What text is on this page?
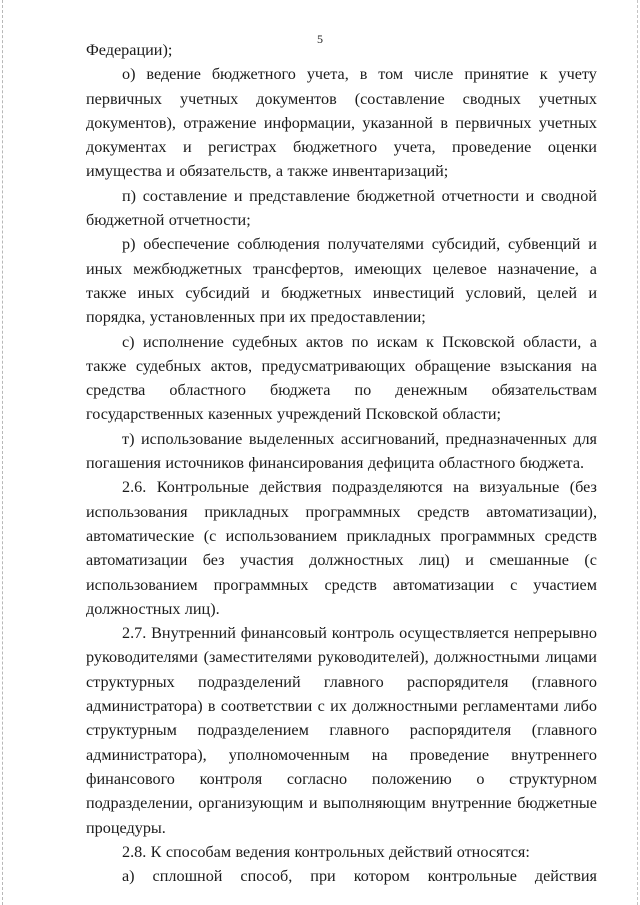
5
Федерации);
о) ведение бюджетного учета, в том числе принятие к учету
первичных учетных документов (составление сводных учетных
документов), отражение информации, указанной в первичных учетных
документах и регистрах бюджетного учета, проведение оценки
имущества и обязательств, а также инвентаризаций;
п) составление и представление бюджетной отчетности и сводной
бюджетной отчетности;
р) обеспечение соблюдения получателями субсидий, субвенций и
иных межбюджетных трансфертов, имеющих целевое назначение, а
также иных субсидий и бюджетных инвестиций условий, целей и
порядка, установленных при их предоставлении;
с) исполнение судебных актов по искам к Псковской области, а
также судебных актов, предусматривающих обращение взыскания на
средства областного бюджета по денежным обязательствам
государственных казенных учреждений Псковской области;
т) использование выделенных ассигнований, предназначенных для
погашения источников финансирования дефицита областного бюджета.
2.6. Контрольные действия подразделяются на визуальные (без
использования прикладных программных средств автоматизации),
автоматические (с использованием прикладных программных средств
автоматизации без участия должностных лиц) и смешанные (с
использованием программных средств автоматизации с участием
должностных лиц).
2.7. Внутренний финансовый контроль осуществляется непрерывно
руководителями (заместителями руководителей), должностными лицами
структурных подразделений главного распорядителя (главного
администратора) в соответствии с их должностными регламентами либо
структурным подразделением главного распорядителя (главного
администратора), уполномоченным на проведение внутреннего
финансового контроля согласно положению о структурном
подразделении, организующим и выполняющим внутренние бюджетные
процедуры.
2.8. К способам ведения контрольных действий относятся:
а) сплошной способ, при котором контрольные действия
